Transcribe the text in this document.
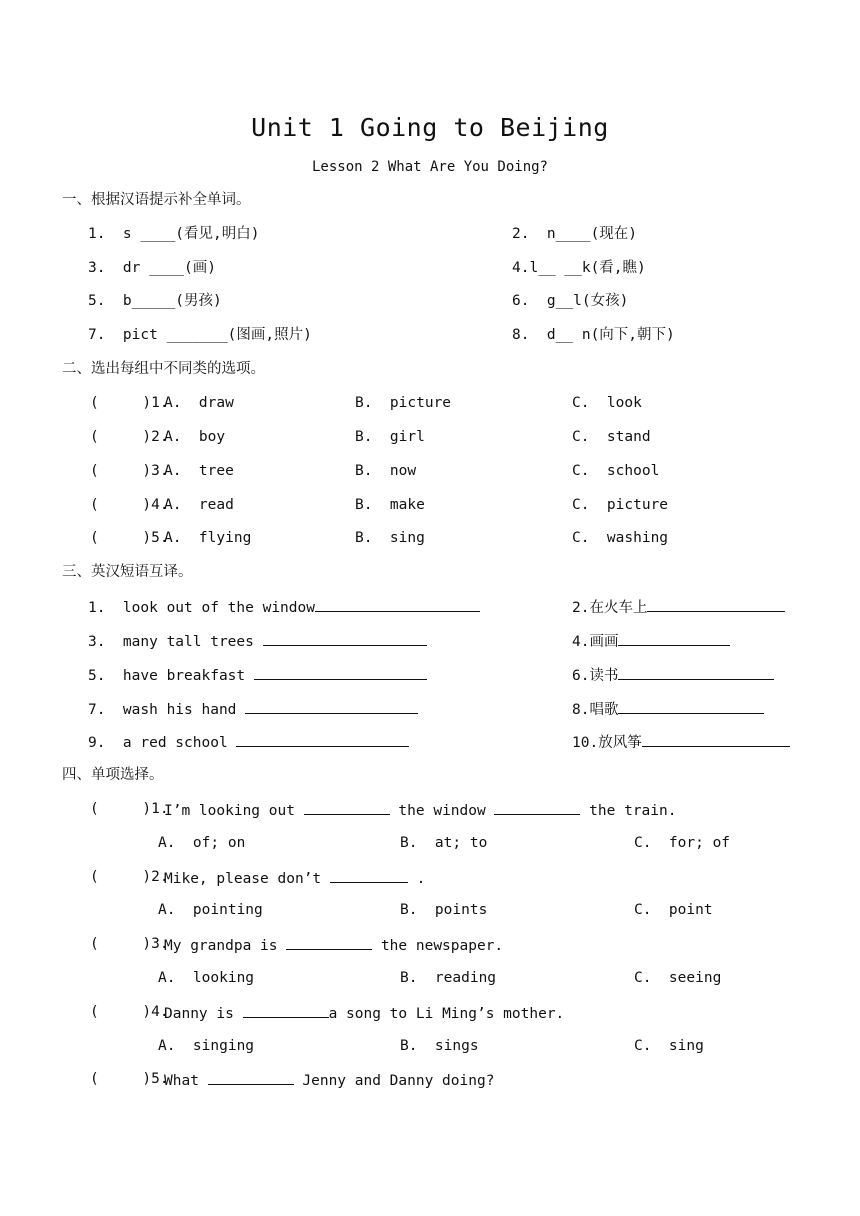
Unit 1 Going to Beijing
Lesson 2 What Are You Doing?
一、根据汉语提示补全单词。
1.  s ____(看见,明白)	2.  n____(现在)
3.  dr ____(画)	4.l__ __k(看,瞧)
5.  b_____(男孩)	6.  g__l(女孩)
7.  pict _______(图画,照片)	8.  d__ n(向下,朝下)
二、选出每组中不同类的选项。
(     )1.
A.  draw	B.  picture	C.  look
(     )2.
A.  boy	B.  girl	C.  stand
(     )3.
A.  tree	B.  now	C.  school
(     )4.
A.  read	B.  make	C.  picture
(     )5.
A.  flying	B.  sing	C.  washing
三、英汉短语互译。
1.  look out of the window	2.在火车上
3.  many tall trees	4.画画
5.  have breakfast	6.读书
7.  wash his hand	8.唱歌
9.  a red school	10.放风筝
四、单项选择。
(     )1.
I’m looking out	the window	the train.
A.  of; on	B.  at; to	C.  for; of
(     )2.
Mike, please don’t	.
A.  pointing	B.  points	C.  point
(     )3.
My grandpa is	the newspaper.
A.  looking	B.  reading	C.  seeing
(     )4.
Danny is	a song to Li Ming’s mother.
A.  singing	B.  sings	C.  sing
(     )5.
What	Jenny and Danny doing?
